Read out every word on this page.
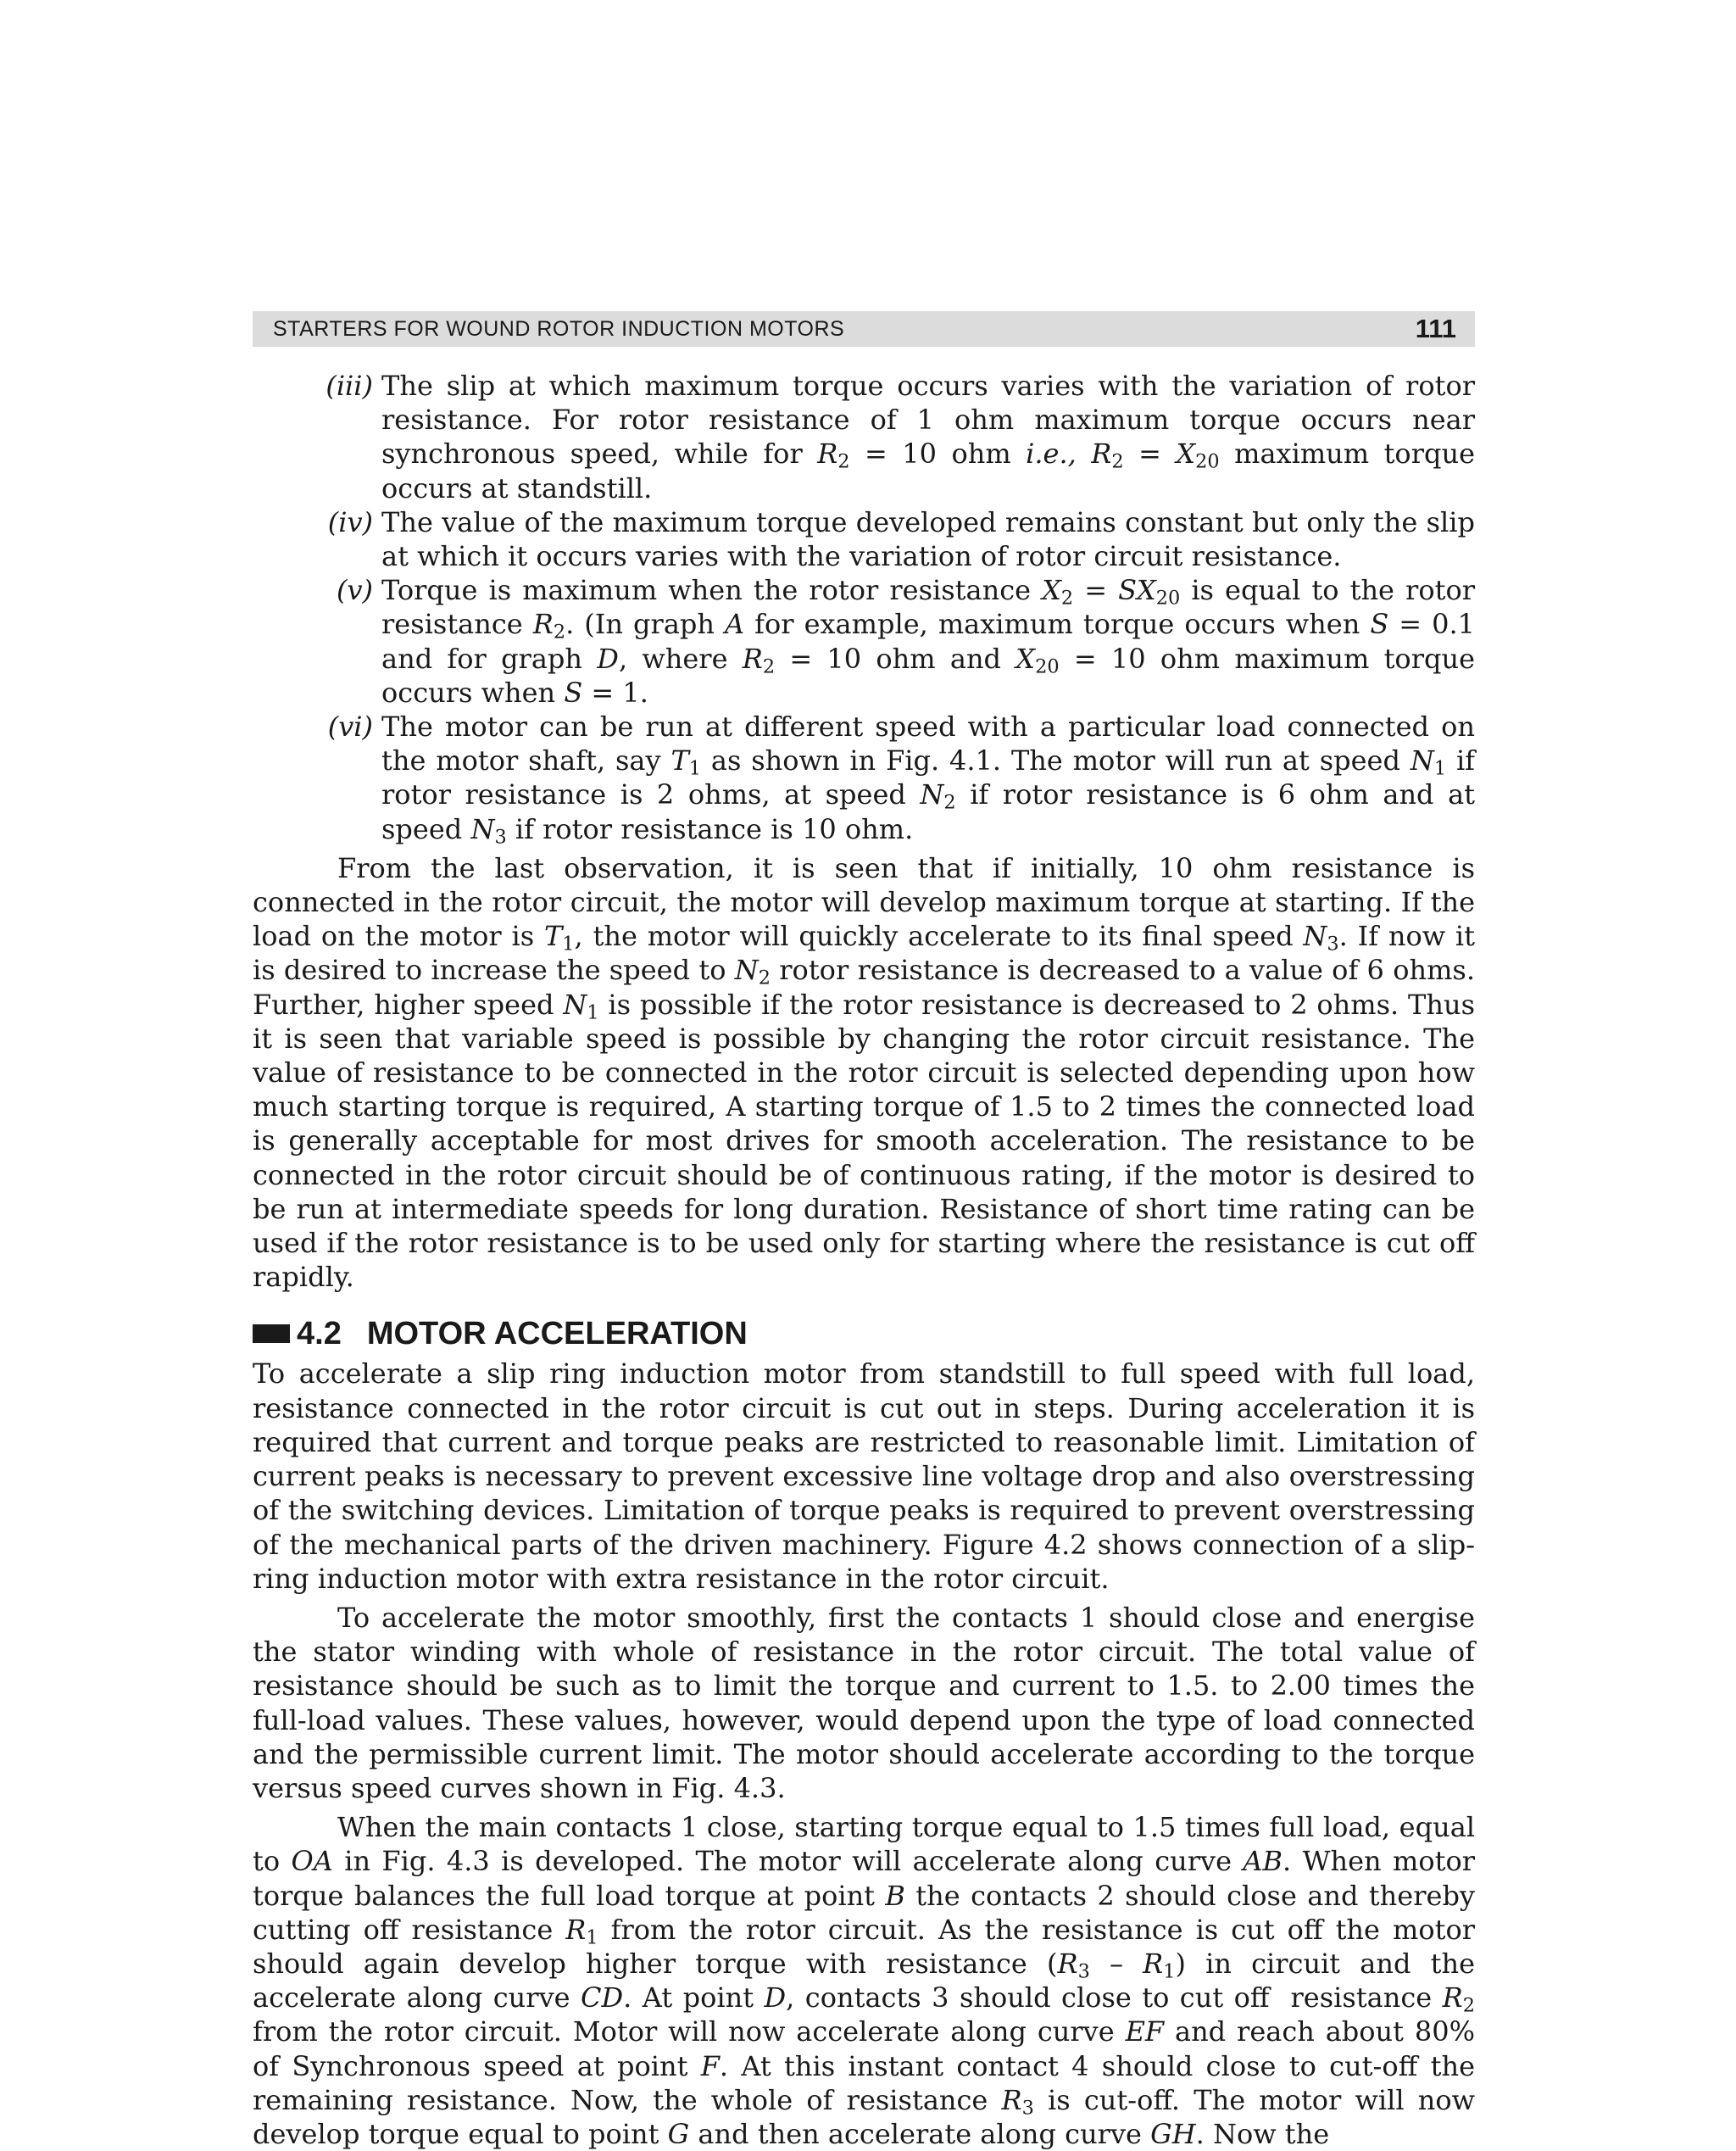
STARTERS FOR WOUND ROTOR INDUCTION MOTORS	111
(iii) The slip at which maximum torque occurs varies with the variation of rotor resistance. For rotor resistance of 1 ohm maximum torque occurs near synchronous speed, while for $R_2 = 10$ ohm i.e., $R_2 = X_{20}$ maximum torque occurs at standstill.
(iv) The value of the maximum torque developed remains constant but only the slip at which it occurs varies with the variation of rotor circuit resistance.
(v) Torque is maximum when the rotor resistance $X_2 = SX_{20}$ is equal to the rotor resistance $R_2$. (In graph A for example, maximum torque occurs when S = 0.1 and for graph D, where $R_2 = 10$ ohm and $X_{20} = 10$ ohm maximum torque occurs when S = 1.
(vi) The motor can be run at different speed with a particular load connected on the motor shaft, say $T_1$ as shown in Fig. 4.1. The motor will run at speed $N_1$ if rotor resistance is 2 ohms, at speed $N_2$ if rotor resistance is 6 ohm and at speed $N_3$ if rotor resistance is 10 ohm.

From the last observation, it is seen that if initially, 10 ohm resistance is connected in the rotor circuit, the motor will develop maximum torque at starting. If the load on the motor is $T_1$, the motor will quickly accelerate to its final speed $N_3$. If now it is desired to increase the speed to $N_2$ rotor resistance is decreased to a value of 6 ohms. Further, higher speed $N_1$ is possible if the rotor resistance is decreased to 2 ohms. Thus it is seen that variable speed is possible by changing the rotor circuit resistance. The value of resistance to be connected in the rotor circuit is selected depending upon how much starting torque is required, A starting torque of 1.5 to 2 times the connected load is generally acceptable for most drives for smooth acceleration. The resistance to be connected in the rotor circuit should be of continuous rating, if the motor is desired to be run at intermediate speeds for long duration. Resistance of short time rating can be used if the rotor resistance is to be used only for starting where the resistance is cut off rapidly.

4.2 MOTOR ACCELERATION

To accelerate a slip ring induction motor from standstill to full speed with full load, resistance connected in the rotor circuit is cut out in steps. During acceleration it is required that current and torque peaks are restricted to reasonable limit. Limitation of current peaks is necessary to prevent excessive line voltage drop and also overstressing of the switching devices. Limitation of torque peaks is required to prevent overstressing of the mechanical parts of the driven machinery. Figure 4.2 shows connection of a slip-ring induction motor with extra resistance in the rotor circuit.

To accelerate the motor smoothly, first the contacts 1 should close and energise the stator winding with whole of resistance in the rotor circuit. The total value of resistance should be such as to limit the torque and current to 1.5. to 2.00 times the full-load values. These values, however, would depend upon the type of load connected and the permissible current limit. The motor should accelerate according to the torque versus speed curves shown in Fig. 4.3.

When the main contacts 1 close, starting torque equal to 1.5 times full load, equal to OA in Fig. 4.3 is developed. The motor will accelerate along curve AB. When motor torque balances the full load torque at point B the contacts 2 should close and thereby cutting off resistance $R_1$ from the rotor circuit. As the resistance is cut off the motor should again develop higher torque with resistance $(R_3 - R_1)$ in circuit and the accelerate along curve CD. At point D, contacts 3 should close to cut off  resistance $R_2$ from the rotor circuit. Motor will now accelerate along curve EF and reach about 80% of Synchronous speed at point F. At this instant contact 4 should close to cut-off the remaining resistance. Now, the whole of resistance $R_3$ is cut-off. The motor will now develop torque equal to point G and then accelerate along curve GH. Now the
